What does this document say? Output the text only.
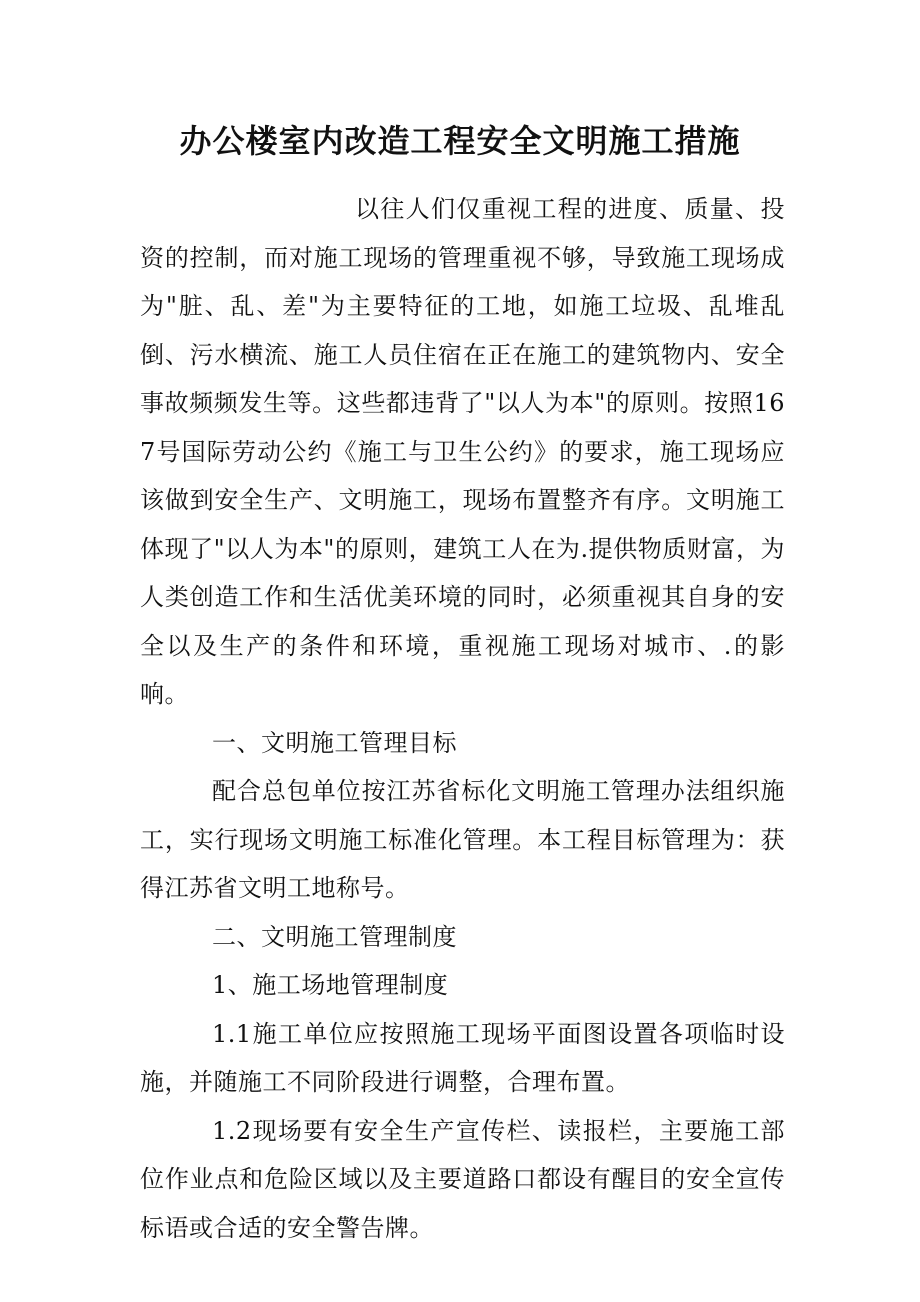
办公楼室内改造工程安全文明施工措施

以往人们仅重视工程的进度、质量、投资的控制，而对施工现场的管理重视不够，导致施工现场成为"脏、乱、差"为主要特征的工地，如施工垃圾、乱堆乱倒、污水横流、施工人员住宿在正在施工的建筑物内、安全事故频频发生等。这些都违背了"以人为本"的原则。按照167号国际劳动公约《施工与卫生公约》的要求，施工现场应该做到安全生产、文明施工，现场布置整齐有序。文明施工体现了"以人为本"的原则，建筑工人在为.提供物质财富，为人类创造工作和生活优美环境的同时，必须重视其自身的安全以及生产的条件和环境，重视施工现场对城市、.的影响。

一、文明施工管理目标

配合总包单位按江苏省标化文明施工管理办法组织施工，实行现场文明施工标准化管理。本工程目标管理为：获得江苏省文明工地称号。

二、文明施工管理制度

1、施工场地管理制度

1.1施工单位应按照施工现场平面图设置各项临时设施，并随施工不同阶段进行调整，合理布置。

1.2现场要有安全生产宣传栏、读报栏，主要施工部位作业点和危险区域以及主要道路口都设有醒目的安全宣传标语或合适的安全警告牌。
